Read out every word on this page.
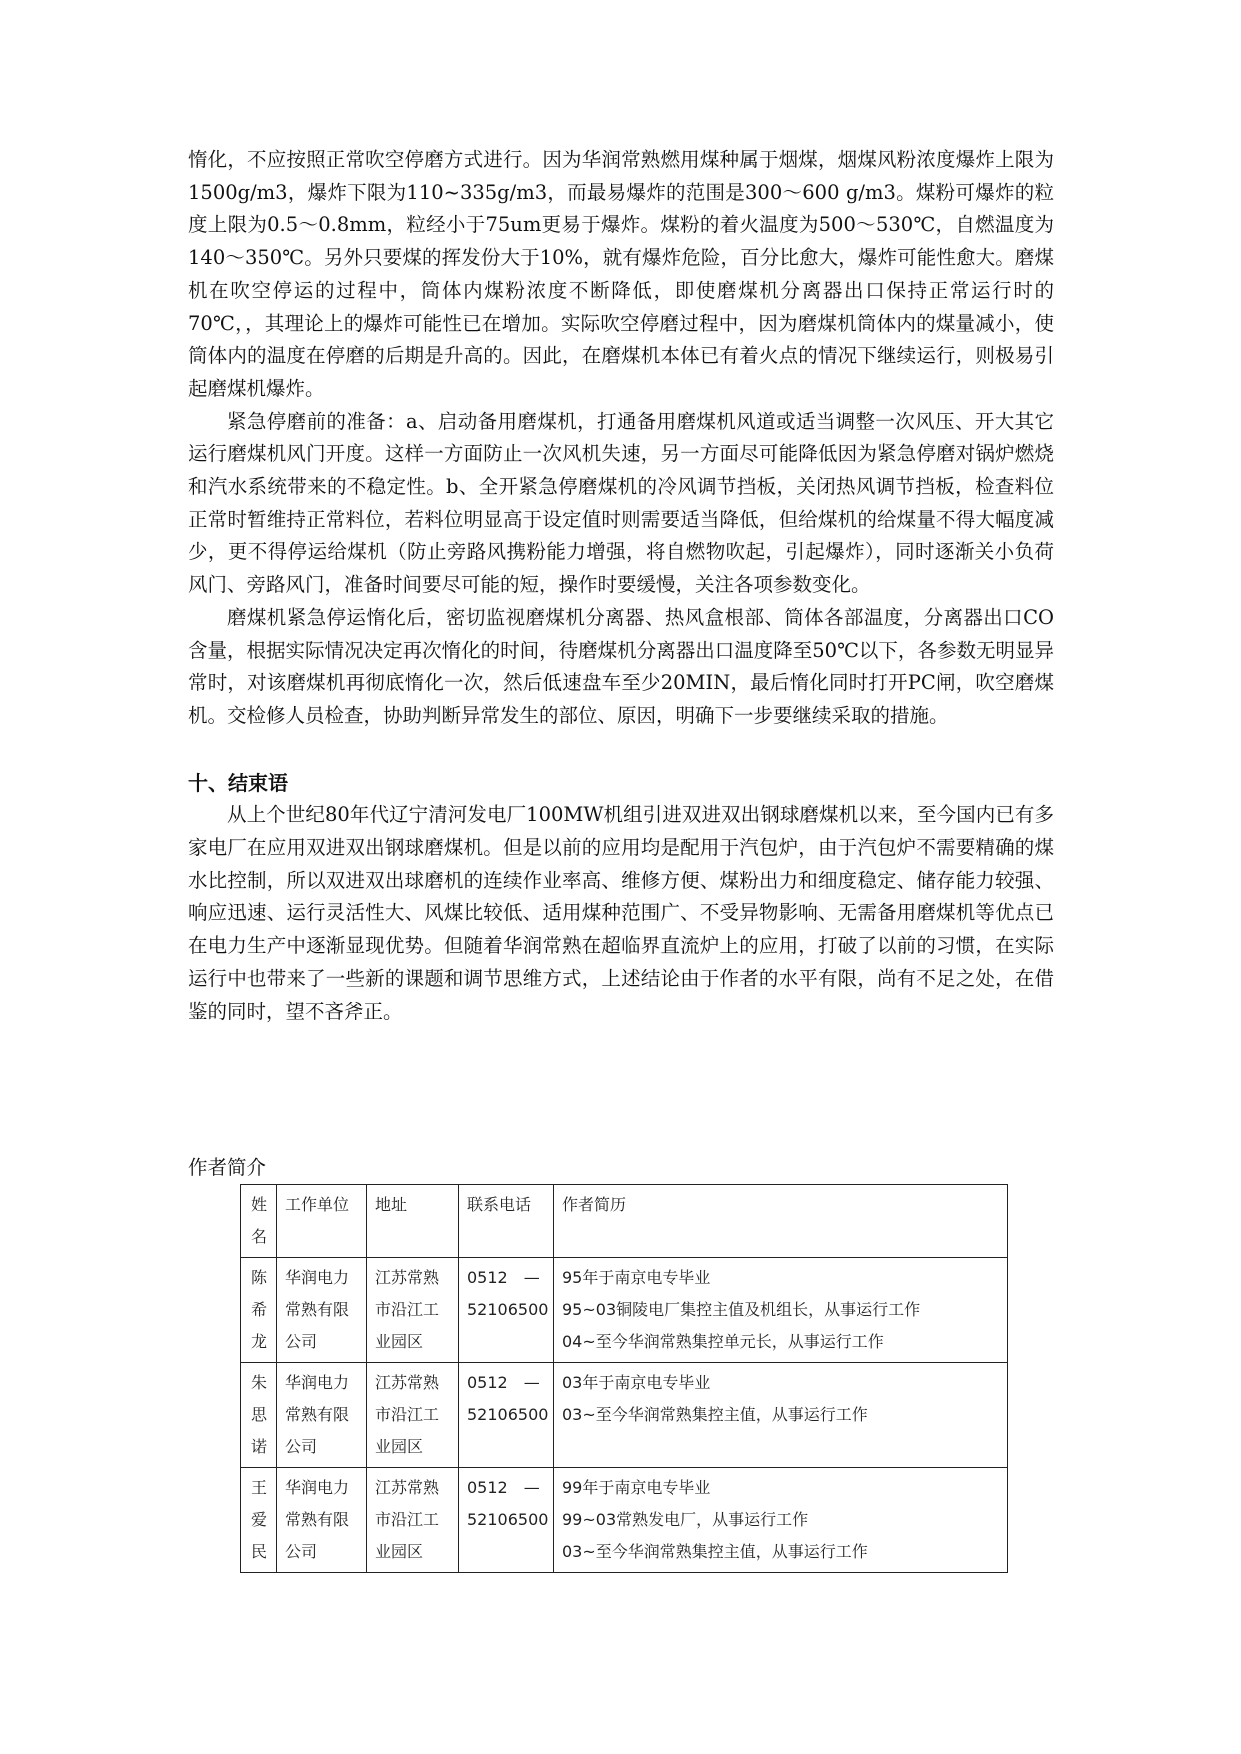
惰化，不应按照正常吹空停磨方式进行。因为华润常熟燃用煤种属于烟煤，烟煤风粉浓度爆炸上限为1500g/m3，爆炸下限为110~335g/m3，而最易爆炸的范围是300～600 g/m3。煤粉可爆炸的粒度上限为0.5～0.8mm，粒经小于75um更易于爆炸。煤粉的着火温度为500～530℃，自燃温度为140～350℃。另外只要煤的挥发份大于10%，就有爆炸危险，百分比愈大，爆炸可能性愈大。磨煤机在吹空停运的过程中，筒体内煤粉浓度不断降低，即使磨煤机分离器出口保持正常运行时的70℃，，其理论上的爆炸可能性已在增加。实际吹空停磨过程中，因为磨煤机筒体内的煤量减小，使筒体内的温度在停磨的后期是升高的。因此，在磨煤机本体已有着火点的情况下继续运行，则极易引起磨煤机爆炸。

紧急停磨前的准备：a、启动备用磨煤机，打通备用磨煤机风道或适当调整一次风压、开大其它运行磨煤机风门开度。这样一方面防止一次风机失速，另一方面尽可能降低因为紧急停磨对锅炉燃烧和汽水系统带来的不稳定性。b、全开紧急停磨煤机的冷风调节挡板，关闭热风调节挡板，检查料位正常时暂维持正常料位，若料位明显高于设定值时则需要适当降低，但给煤机的给煤量不得大幅度减少，更不得停运给煤机（防止旁路风携粉能力增强，将自燃物吹起，引起爆炸），同时逐渐关小负荷风门、旁路风门，准备时间要尽可能的短，操作时要缓慢，关注各项参数变化。

磨煤机紧急停运惰化后，密切监视磨煤机分离器、热风盒根部、筒体各部温度，分离器出口CO含量，根据实际情况决定再次惰化的时间，待磨煤机分离器出口温度降至50℃以下，各参数无明显异常时，对该磨煤机再彻底惰化一次，然后低速盘车至少20MIN，最后惰化同时打开PC闸，吹空磨煤机。交检修人员检查，协助判断异常发生的部位、原因，明确下一步要继续采取的措施。

十、结束语

从上个世纪80年代辽宁清河发电厂100MW机组引进双进双出钢球磨煤机以来，至今国内已有多家电厂在应用双进双出钢球磨煤机。但是以前的应用均是配用于汽包炉，由于汽包炉不需要精确的煤水比控制，所以双进双出球磨机的连续作业率高、维修方便、煤粉出力和细度稳定、储存能力较强、响应迅速、运行灵活性大、风煤比较低、适用煤种范围广、不受异物影响、无需备用磨煤机等优点已在电力生产中逐渐显现优势。但随着华润常熟在超临界直流炉上的应用，打破了以前的习惯，在实际运行中也带来了一些新的课题和调节思维方式，上述结论由于作者的水平有限，尚有不足之处，在借鉴的同时，望不吝斧正。

作者简介
姓
名	工作单位	地址	联系电话	作者简历

陈
希
龙	华润电力
常熟有限
公司	江苏常熟
市沿江工
业园区	0512　—
52106500	95年于南京电专毕业
95~03铜陵电厂集控主值及机组长，从事运行工作
04~至今华润常熟集控单元长，从事运行工作

朱
思
诺	华润电力
常熟有限
公司	江苏常熟
市沿江工
业园区	0512　—
52106500	03年于南京电专毕业
03~至今华润常熟集控主值，从事运行工作

王
爱
民	华润电力
常熟有限
公司	江苏常熟
市沿江工
业园区	0512　—
52106500	99年于南京电专毕业
99~03常熟发电厂，从事运行工作
03~至今华润常熟集控主值，从事运行工作
